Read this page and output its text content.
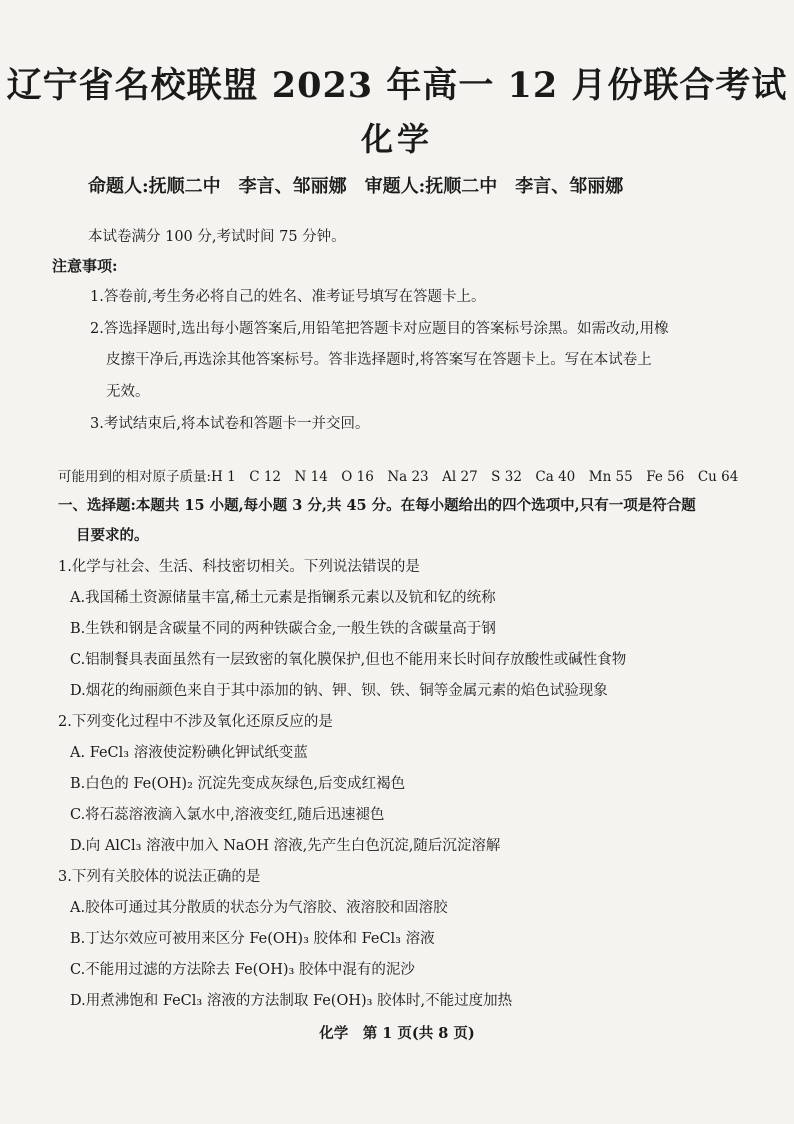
辽宁省名校联盟 2023 年高一 12 月份联合考试
化学
命题人:抚顺二中　李言、邹丽娜　审题人:抚顺二中　李言、邹丽娜
本试卷满分 100 分,考试时间 75 分钟。
注意事项:
1.答卷前,考生务必将自己的姓名、准考证号填写在答题卡上。
2.答选择题时,选出每小题答案后,用铅笔把答题卡对应题目的答案标号涂黑。如需改动,用橡
皮擦干净后,再选涂其他答案标号。答非选择题时,将答案写在答题卡上。写在本试卷上
无效。
3.考试结束后,将本试卷和答题卡一并交回。
可能用到的相对原子质量:H 1　C 12　N 14　O 16　Na 23　Al 27　S 32　Ca 40　Mn 55　Fe 56　Cu 64
一、选择题:本题共 15 小题,每小题 3 分,共 45 分。在每小题给出的四个选项中,只有一项是符合题
目要求的。
1.化学与社会、生活、科技密切相关。下列说法错误的是
A.我国稀土资源储量丰富,稀土元素是指镧系元素以及钪和钇的统称
B.生铁和钢是含碳量不同的两种铁碳合金,一般生铁的含碳量高于钢
C.铝制餐具表面虽然有一层致密的氧化膜保护,但也不能用来长时间存放酸性或碱性食物
D.烟花的绚丽颜色来自于其中添加的钠、钾、钡、铁、铜等金属元素的焰色试验现象
2.下列变化过程中不涉及氧化还原反应的是
A. FeCl₃ 溶液使淀粉碘化钾试纸变蓝
B.白色的 Fe(OH)₂ 沉淀先变成灰绿色,后变成红褐色
C.将石蕊溶液滴入氯水中,溶液变红,随后迅速褪色
D.向 AlCl₃ 溶液中加入 NaOH 溶液,先产生白色沉淀,随后沉淀溶解
3.下列有关胶体的说法正确的是
A.胶体可通过其分散质的状态分为气溶胶、液溶胶和固溶胶
B.丁达尔效应可被用来区分 Fe(OH)₃ 胶体和 FeCl₃ 溶液
C.不能用过滤的方法除去 Fe(OH)₃ 胶体中混有的泥沙
D.用煮沸饱和 FeCl₃ 溶液的方法制取 Fe(OH)₃ 胶体时,不能过度加热
化学　第 1 页(共 8 页)
